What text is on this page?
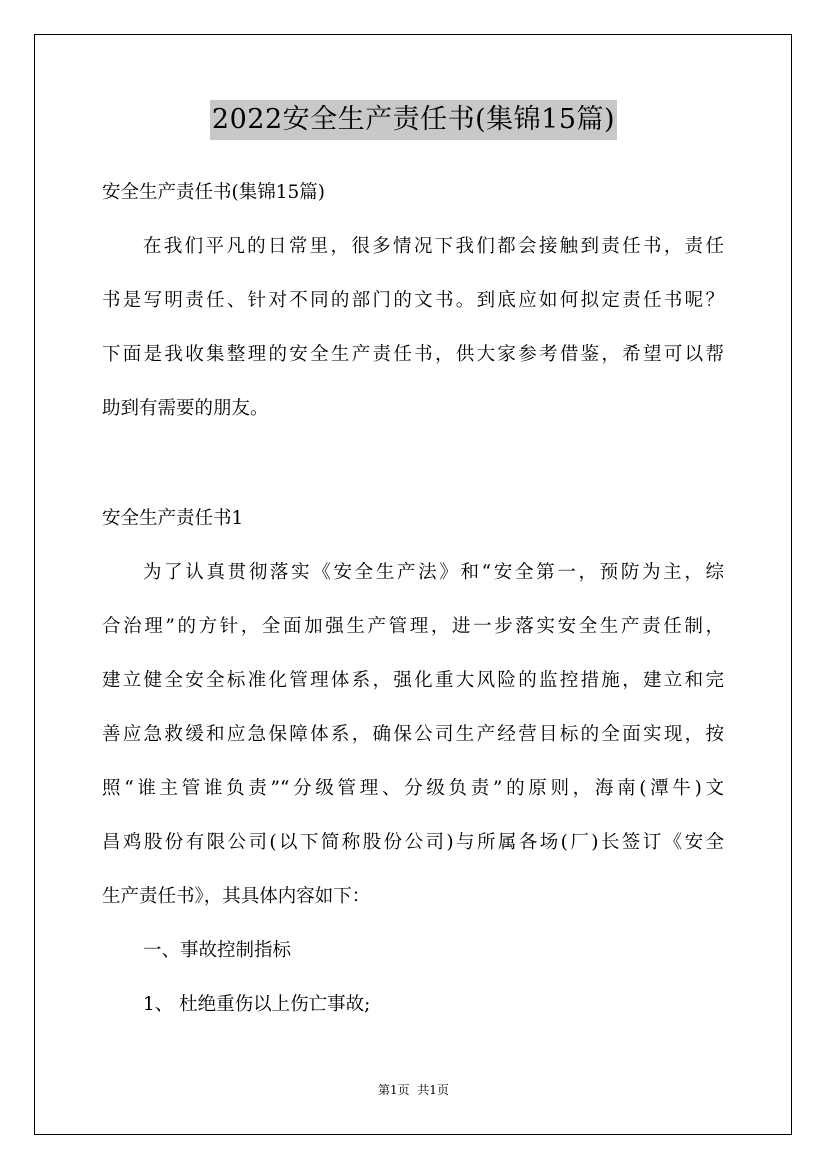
2022安全生产责任书(集锦15篇)
安全生产责任书(集锦15篇)
在我们平凡的日常里，很多情况下我们都会接触到责任书，责任
书是写明责任、针对不同的部门的文书。到底应如何拟定责任书呢？
下面是我收集整理的安全生产责任书，供大家参考借鉴，希望可以帮
助到有需要的朋友。
安全生产责任书1
为了认真贯彻落实《安全生产法》和“安全第一，预防为主，综
合治理”的方针，全面加强生产管理，进一步落实安全生产责任制，
建立健全安全标准化管理体系，强化重大风险的监控措施，建立和完
善应急救缓和应急保障体系，确保公司生产经营目标的全面实现，按
照“谁主管谁负责”“分级管理、分级负责”的原则，海南(潭牛)文
昌鸡股份有限公司(以下简称股份公司)与所属各场(厂)长签订《安全
生产责任书》，其具体内容如下：
一、事故控制指标
1、 杜绝重伤以上伤亡事故;
第1页  共1页
